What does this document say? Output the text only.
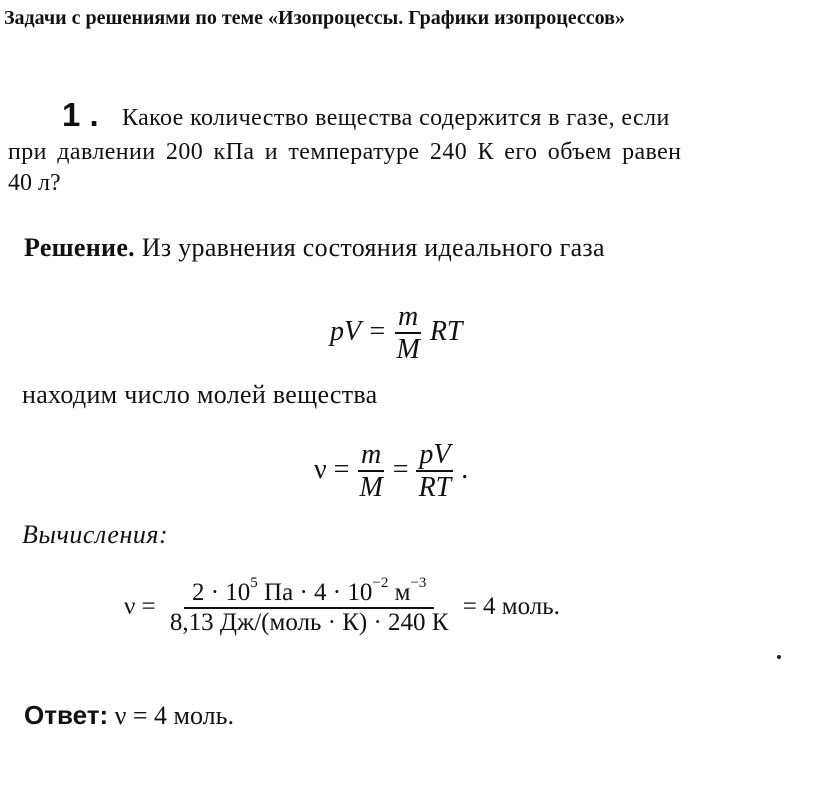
Задачи с решениями по теме «Изопроцессы. Графики изопроцессов»
1 . Какое количество вещества содержится в газе, если
при давлении 200 кПа и температуре 240 К его объем равен
40 л?
Решение. Из уравнения состояния идеального газа
pV = $\frac{m}{M}$ RT
находим число молей вещества
$\nu = \frac{m}{M} = \frac{pV}{RT}$ .
Вычисления:
$\nu = \frac{2 \cdot 10^5 Па \cdot 4 \cdot 10^{-2} м^{-3}}{\text{8,13 Дж/(моль · К) · 240 К}} = 4$ моль.
Ответ: ν = 4 моль.
